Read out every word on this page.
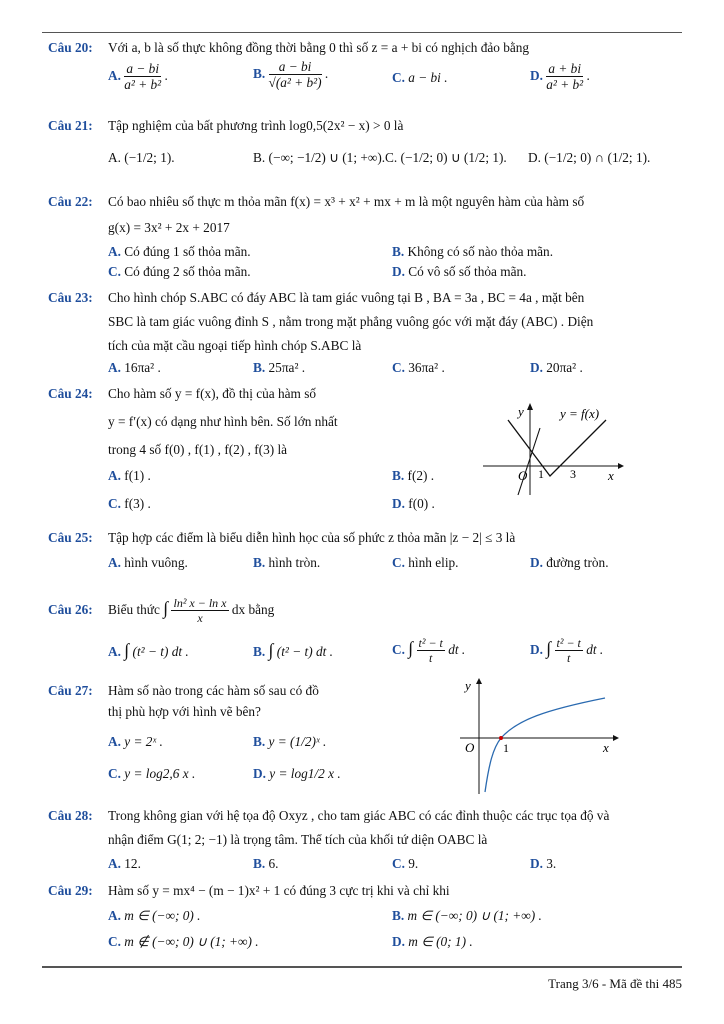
Câu 20: Với a, b là số thực không đồng thời bằng 0 thì số z = a + bi có nghịch đảo bằng
A. $\frac{a - bi}{\text{a² + b²}}$ .	B. $\frac{a - bi}{\text{√(a² + b²)}}$ .	C. a − bi .	D. $\frac{a + bi}{\text{a² + b²}}$ .
Câu 21: Tập nghiệm của bất phương trình log0,5(2x² − x) > 0 là
A. (−1/2; 1).	B. (−∞; −1/2) ∪ (1; +∞). C. (−1/2; 0) ∪ (1/2; 1). D. (−1/2; 0) ∩ (1/2; 1).
Câu 22: Có bao nhiêu số thực m thỏa mãn f(x) = x³ + x² + mx + m là một nguyên hàm của hàm số
g(x) = 3x² + 2x + 2017
A. Có đúng 1 số thỏa mãn.	B. Không có số nào thỏa mãn.
C. Có đúng 2 số thỏa mãn.	D. Có vô số số thỏa mãn.
Câu 23: Cho hình chóp S.ABC có đáy ABC là tam giác vuông tại B , BA = 3a , BC = 4a , mặt bên
SBC là tam giác vuông đỉnh S , nằm trong mặt phẳng vuông góc với mặt đáy (ABC) . Diện
tích của mặt cầu ngoại tiếp hình chóp S.ABC là
A. 16πa² .	B. 25πa² .	C. 36πa² .	D. 20πa² .
Câu 24: Cho hàm số y = f(x), đồ thị của hàm số
y = f′(x) có dạng như hình bên. Số lớn nhất
trong 4 số f(0) , f(1) , f(2) , f(3) là
A. f(1) .	B. f(2) .
C. f(3) .	D. f(0) .
y	y = f(x)
O 1 3 x
Câu 25: Tập hợp các điểm là biểu diễn hình học của số phức z thỏa mãn |z − 2| ≤ 3 là
A. hình vuông.	B. hình tròn.	C. hình elip.	D. đường tròn.
Câu 26: Biểu thức ∫ $\frac{\text{ln² x − ln x}}{x}$ dx bằng
A. ∫ (t² − t) dt .	B. ∫ (t² − t) dt .	C. ∫ $\frac{\text{t² − t}}{t}$ dt .	D. ∫ $\frac{\text{t² − t}}{t}$ dt .
Câu 27: Hàm số nào trong các hàm số sau có đồ
thị phù hợp với hình vẽ bên?
A. y = 2ˣ .	B. y = (1/2)ˣ .
C. y = log2,6 x .	D. y = log1/2 x .
y
O 1	x
Câu 28: Trong không gian với hệ tọa độ Oxyz , cho tam giác ABC có các đỉnh thuộc các trục tọa độ và
nhận điểm G(1; 2; −1) là trọng tâm. Thể tích của khối tứ diện OABC là
A. 12.	B. 6.	C. 9.	D. 3.
Câu 29: Hàm số y = mx⁴ − (m − 1)x² + 1 có đúng 3 cực trị khi và chỉ khi
A. m ∈ (−∞; 0) .	B. m ∈ (−∞; 0) ∪ (1; +∞) .
C. m ∉ (−∞; 0) ∪ (1; +∞) .	D. m ∈ (0; 1) .
Trang 3/6 - Mã đề thi 485
